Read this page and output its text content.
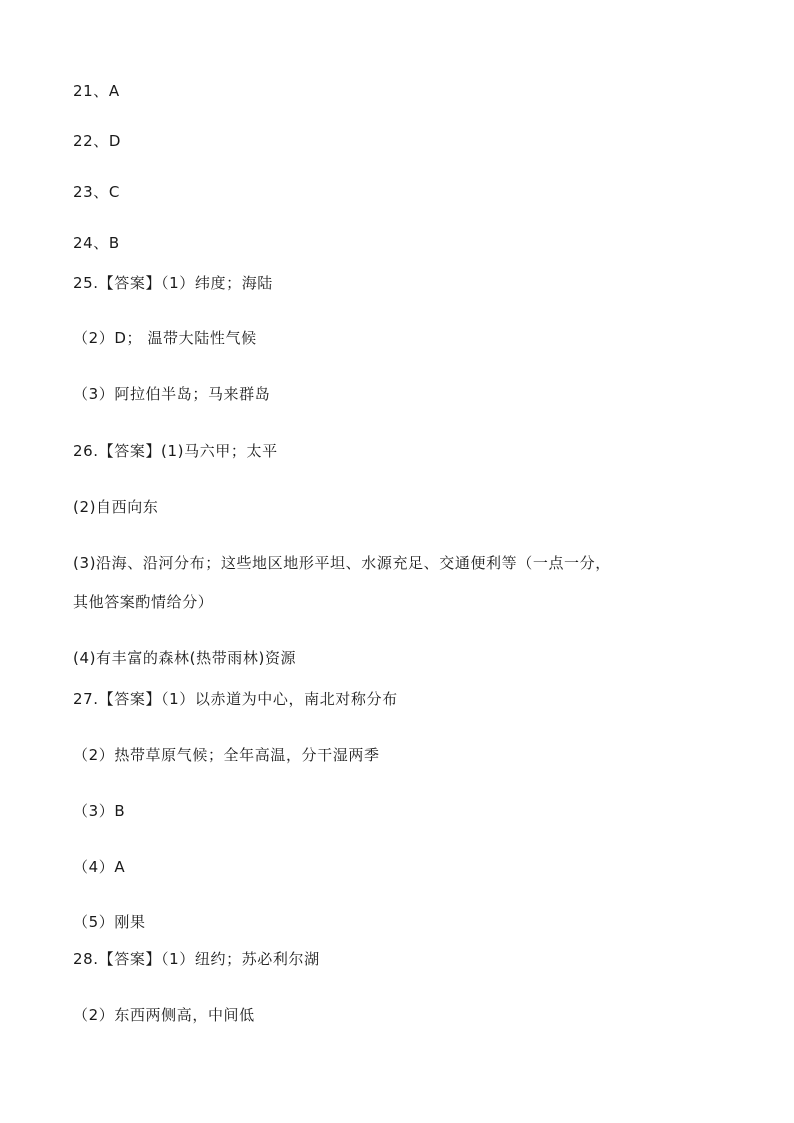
21、A
22、D
23、C
24、B
25.【答案】（1）纬度；海陆
（2）D； 温带大陆性气候
（3）阿拉伯半岛；马来群岛
26.【答案】(1)马六甲；太平
(2)自西向东
(3)沿海、沿河分布；这些地区地形平坦、水源充足、交通便利等（一点一分，
其他答案酌情给分）
(4)有丰富的森林(热带雨林)资源
27.【答案】（1）以赤道为中心，南北对称分布
（2）热带草原气候；全年高温，分干湿两季
（3）B
（4）A
（5）刚果
28.【答案】（1）纽约；苏必利尔湖
（2）东西两侧高，中间低
